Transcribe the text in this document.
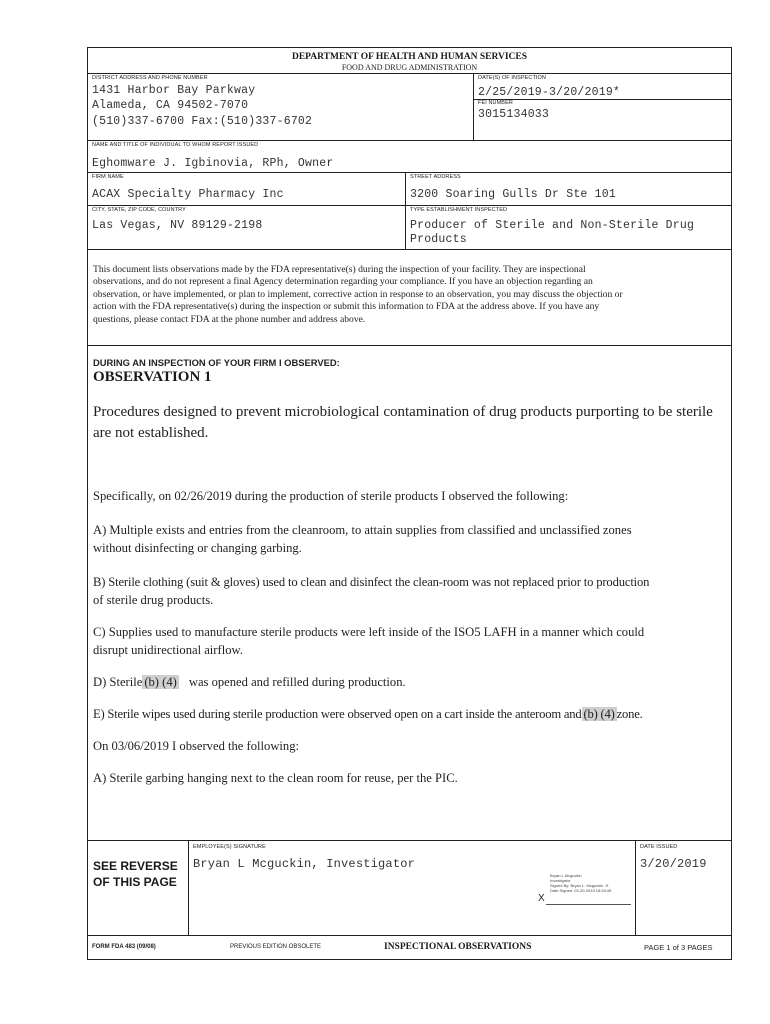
DEPARTMENT OF HEALTH AND HUMAN SERVICES
FOOD AND DRUG ADMINISTRATION
DISTRICT ADDRESS AND PHONE NUMBER
1431 Harbor Bay Parkway
Alameda, CA 94502-7070
(510)337-6700 Fax:(510)337-6702
DATE(S) OF INSPECTION
2/25/2019-3/20/2019*
FEI NUMBER
3015134033
NAME AND TITLE OF INDIVIDUAL TO WHOM REPORT ISSUED
Eghomware J. Igbinovia, RPh, Owner
FIRM NAME
ACAX Specialty Pharmacy Inc
STREET ADDRESS
3200 Soaring Gulls Dr Ste 101
CITY, STATE, ZIP CODE, COUNTRY
Las Vegas, NV 89129-2198
TYPE ESTABLISHMENT INSPECTED
Producer of Sterile and Non-Sterile Drug
Products
This document lists observations made by the FDA representative(s) during the inspection of your facility. They are inspectional
observations, and do not represent a final Agency determination regarding your compliance. If you have an objection regarding an
observation, or have implemented, or plan to implement, corrective action in response to an observation, you may discuss the objection or
action with the FDA representative(s) during the inspection or submit this information to FDA at the address above. If you have any
questions, please contact FDA at the phone number and address above.
DURING AN INSPECTION OF YOUR FIRM I OBSERVED:
OBSERVATION 1
Procedures designed to prevent microbiological contamination of drug products purporting to be sterile
are not established.
Specifically, on 02/26/2019 during the production of sterile products I observed the following:
A) Multiple exists and entries from the cleanroom, to attain supplies from classified and unclassified zones
without disinfecting or changing garbing.
B) Sterile clothing (suit & gloves) used to clean and disinfect the clean-room was not replaced prior to production
of sterile drug products.
C) Supplies used to manufacture sterile products were left inside of the ISO5 LAFH in a manner which could
disrupt unidirectional airflow.
D) Sterile (b) (4) was opened and refilled during production.
E) Sterile wipes used during sterile production were observed open on a cart inside the anteroom and (b) (4) zone.
On 03/06/2019 I observed the following:
A) Sterile garbing hanging next to the clean room for reuse, per the PIC.
EMPLOYEE(S) SIGNATURE	DATE ISSUED
SEE REVERSE
OF THIS PAGE
Bryan L Mcguckin, Investigator	3/20/2019
Bryan L Mcguckin
Investigator
Signed By: Bryan L. Mcguckin -S
Date Signed: 03-20-2019 15:53:45
X
FORM FDA 483 (09/08)	PREVIOUS EDITION OBSOLETE	INSPECTIONAL OBSERVATIONS	PAGE 1 of 3 PAGES
